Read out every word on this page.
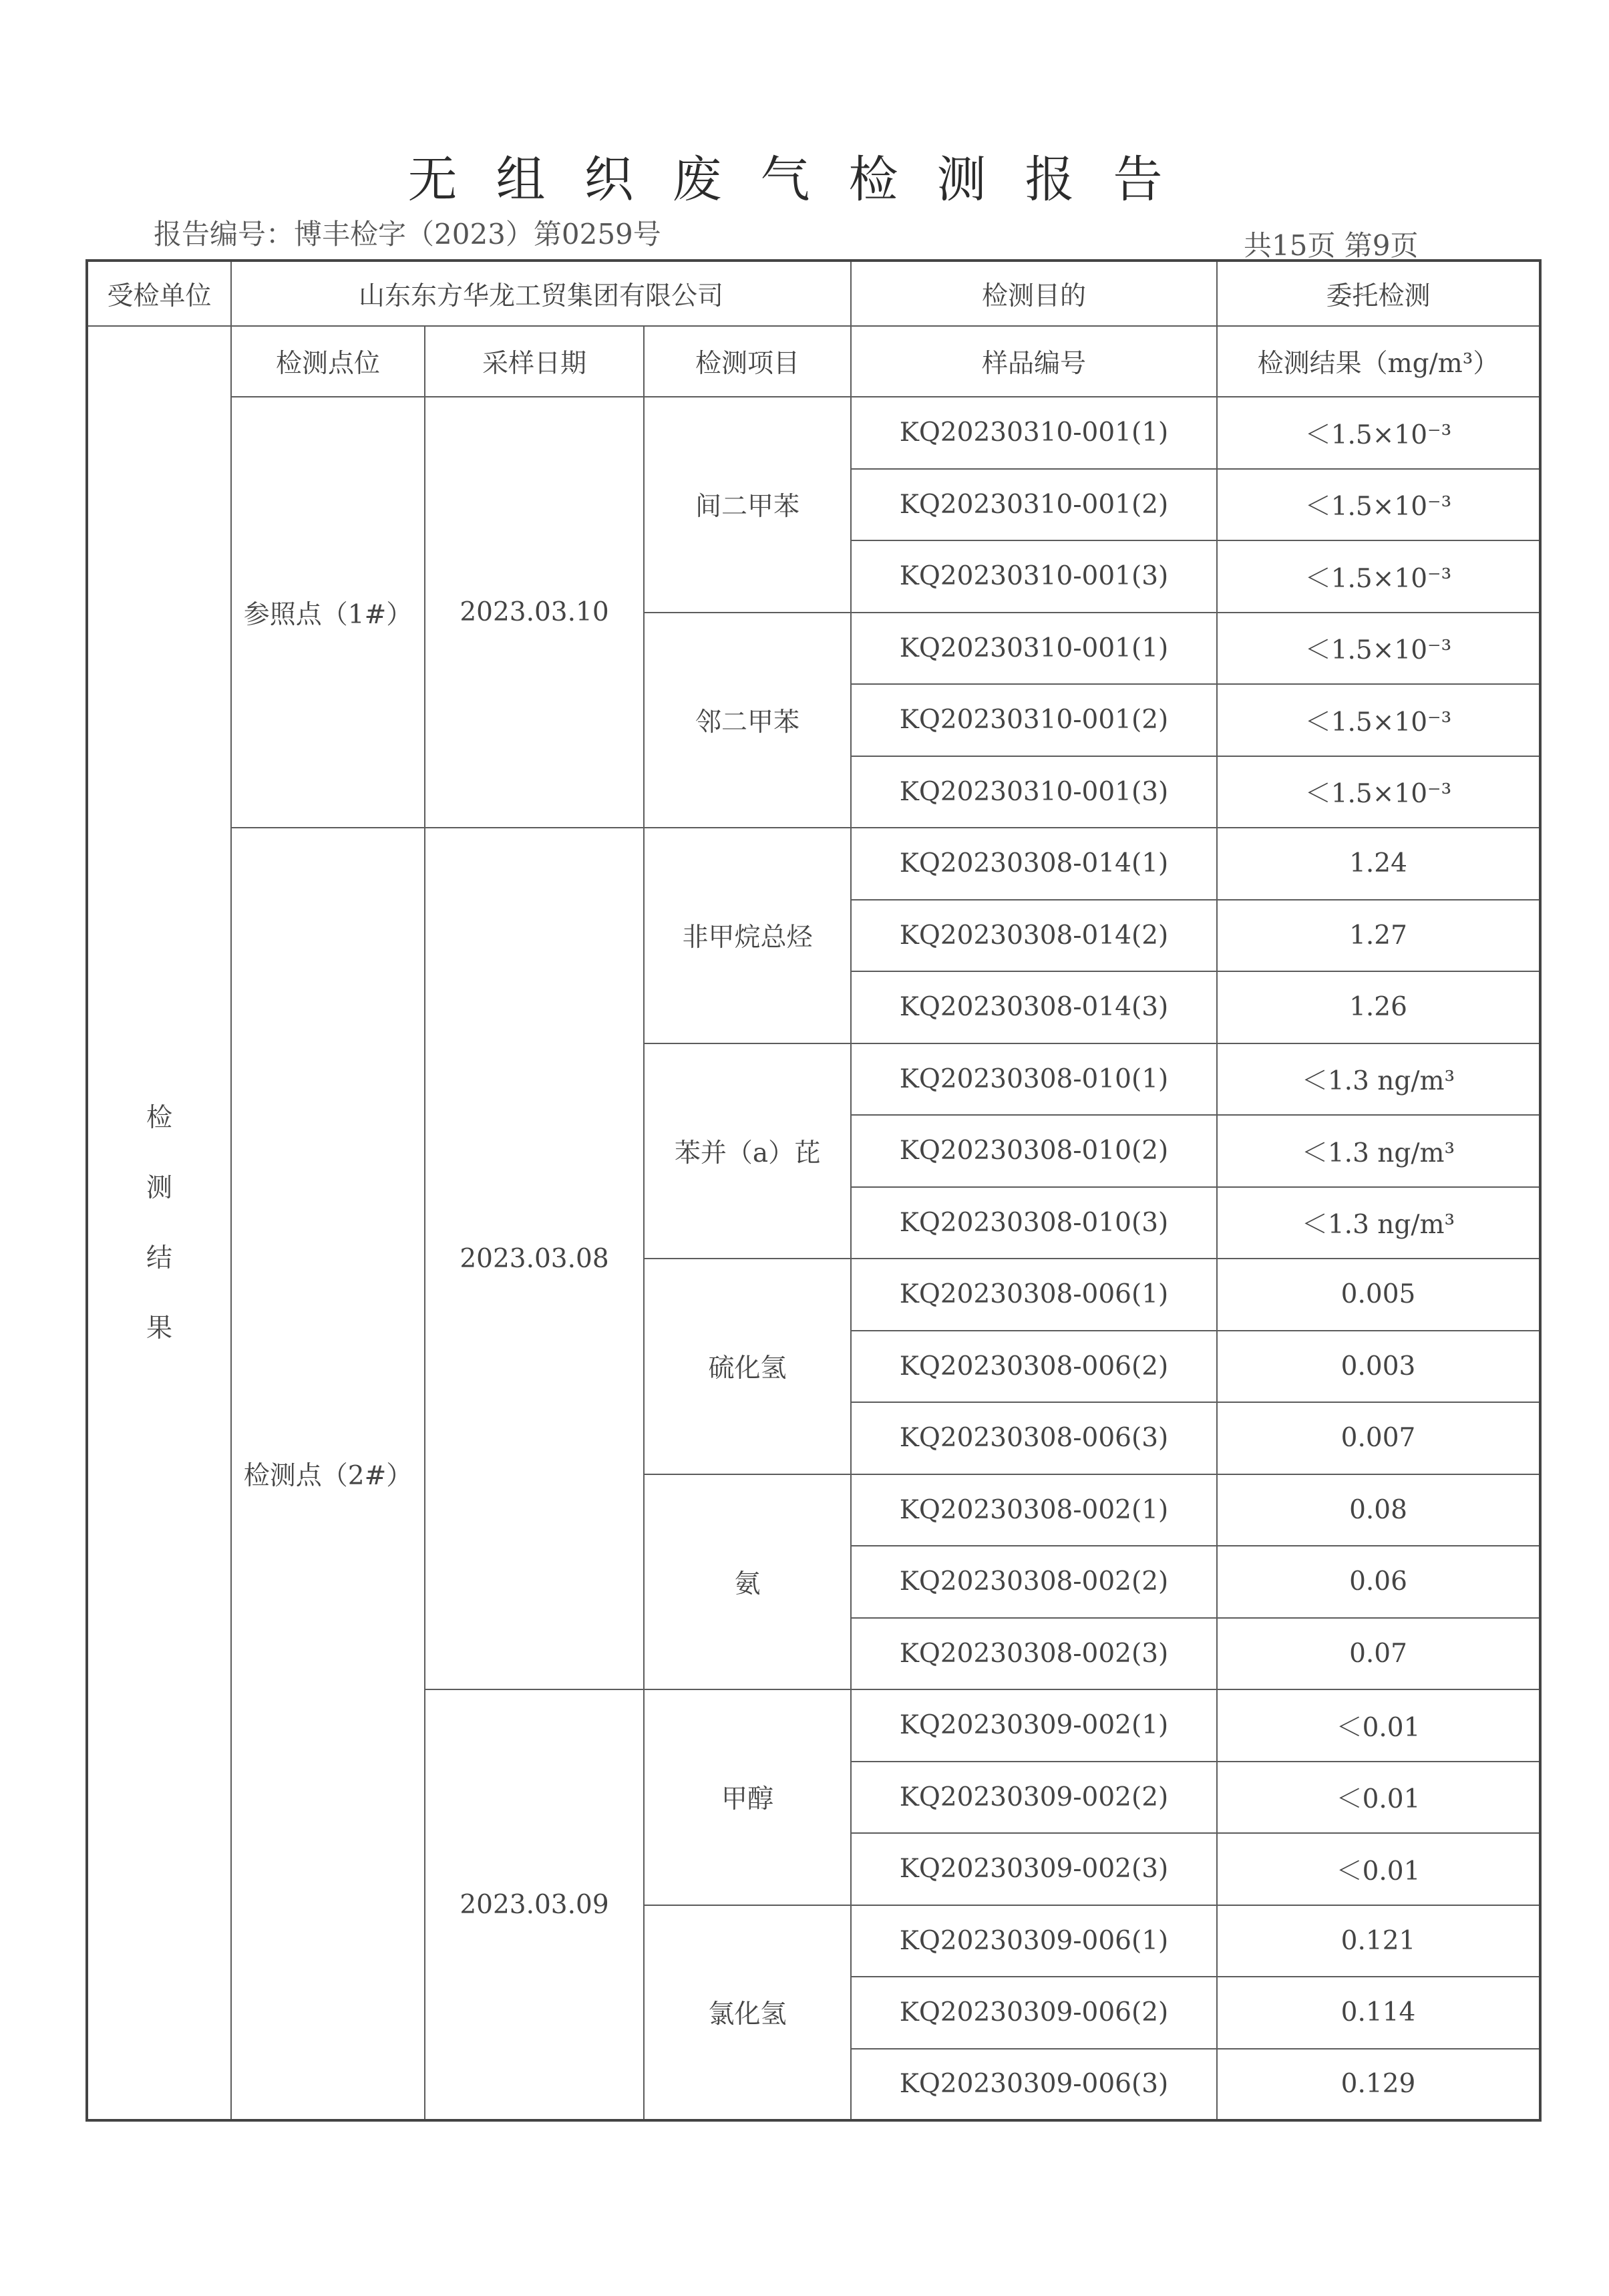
无组织废气检测报告
报告编号：博丰检字（2023）第0259号	共15页 第9页
受检单位	山东东方华龙工贸集团有限公司			检测目的	委托检测

检
测
结
果	检测点位	采样日期	检测项目	样品编号	检测结果（mg/m³）
	参照点（1#）	2023.03.10	间二甲苯	KQ20230310-001(1)	＜1.5×10⁻³
				KQ20230310-001(2)	＜1.5×10⁻³
				KQ20230310-001(3)	＜1.5×10⁻³
			邻二甲苯	KQ20230310-001(1)	＜1.5×10⁻³
				KQ20230310-001(2)	＜1.5×10⁻³
				KQ20230310-001(3)	＜1.5×10⁻³
	检测点（2#）	2023.03.08	非甲烷总烃	KQ20230308-014(1)	1.24
				KQ20230308-014(2)	1.27
				KQ20230308-014(3)	1.26
			苯并（a）芘	KQ20230308-010(1)	＜1.3 ng/m³
				KQ20230308-010(2)	＜1.3 ng/m³
				KQ20230308-010(3)	＜1.3 ng/m³
			硫化氢	KQ20230308-006(1)	0.005
				KQ20230308-006(2)	0.003
				KQ20230308-006(3)	0.007
			氨	KQ20230308-002(1)	0.08
				KQ20230308-002(2)	0.06
				KQ20230308-002(3)	0.07
		2023.03.09	甲醇	KQ20230309-002(1)	＜0.01
				KQ20230309-002(2)	＜0.01
				KQ20230309-002(3)	＜0.01
			氯化氢	KQ20230309-006(1)	0.121
				KQ20230309-006(2)	0.114
				KQ20230309-006(3)	0.129
